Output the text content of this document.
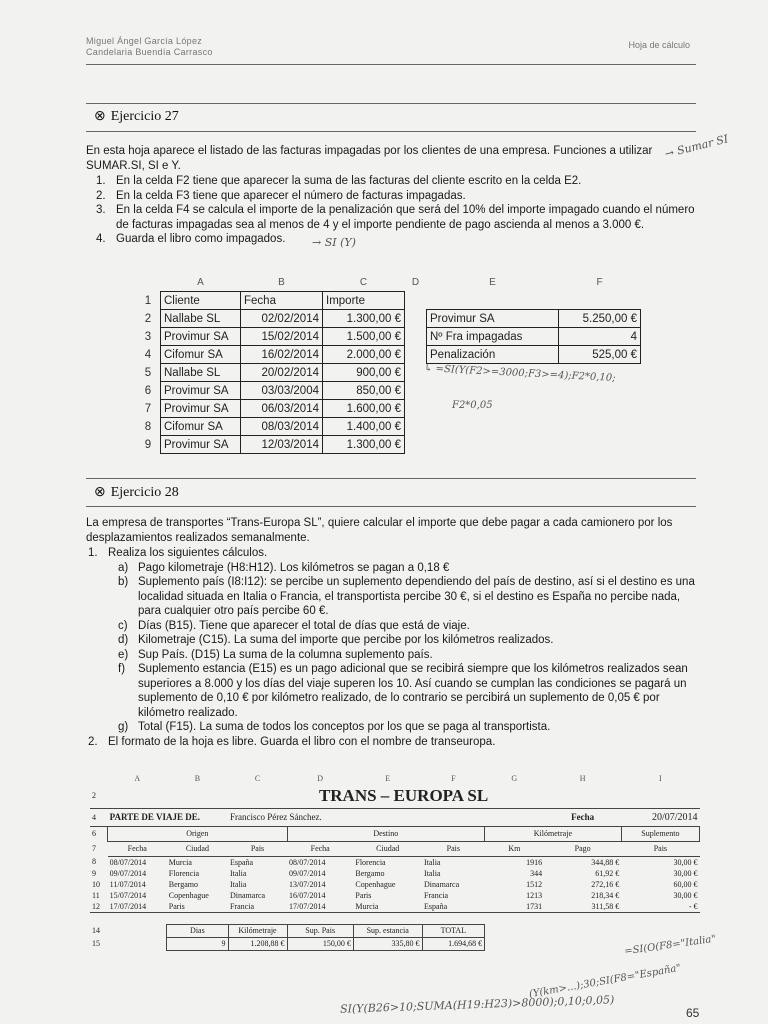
Miguel Ángel García López
Candelaria Buendía Carrasco
Hoja de cálculo
⊗ Ejercicio 27
En esta hoja aparece el listado de las facturas impagadas por los clientes de una empresa. Funciones a utilizar SUMAR.SI, SI e Y.
1. En la celda F2 tiene que aparecer la suma de las facturas del cliente escrito en la celda E2.
2. En la celda F3 tiene que aparecer el número de facturas impagadas.
3. En la celda F4 se calcula el importe de la penalización que será del 10% del importe impagado cuando el número de facturas impagadas sea al menos de 4 y el importe pendiente de pago ascienda al menos a 3.000 €.
4. Guarda el libro como impagados.
→ Sumar SI
→ SI (Y)
	A	B	C	D	E	F
1	Cliente	Fecha	Importe			
2	Nallabe SL	02/02/2014	1.300,00 €		Provimur SA	5.250,00 €
3	Provimur SA	15/02/2014	1.500,00 €		Nº Fra impagadas	4
4	Cifomur SA	16/02/2014	2.000,00 €		Penalización	525,00 €
5	Nallabe SL	20/02/2014	900,00 €			
6	Provimur SA	03/03/2004	850,00 €			
7	Provimur SA	06/03/2014	1.600,00 €			
8	Cifomur SA	08/03/2014	1.400,00 €			
9	Provimur SA	12/03/2014	1.300,00 €			
↳ =SI(Y(F2>=3000;F3>=4);F2*0,10;
F2*0,05
⊗ Ejercicio 28
La empresa de transportes “Trans-Europa SL”, quiere calcular el importe que debe pagar a cada camionero por los desplazamientos realizados semanalmente.
1. Realiza los siguientes cálculos.
a) Pago kilometraje (H8:H12). Los kilómetros se pagan a 0,18 €
b) Suplemento país (I8:I12): se percibe un suplemento dependiendo del país de destino, así si el destino es una localidad situada en Italia o Francia, el transportista percibe 30 €, si el destino es España no percibe nada, para cualquier otro país percibe 60 €.
c) Días (B15). Tiene que aparecer el total de días que está de viaje.
d) Kilometraje (C15). La suma del importe que percibe por los kilómetros realizados.
e) Sup País. (D15) La suma de la columna suplemento país.
f) Suplemento estancia (E15) es un pago adicional que se recibirá siempre que los kilómetros realizados sean superiores a 8.000 y los días del viaje superen los 10. Así cuando se cumplan las condiciones se pagará un suplemento de 0,10 € por kilómetro realizado, de lo contrario se percibirá un suplemento de 0,05 € por kilómetro realizado.
g) Total (F15). La suma de todos los conceptos por los que se paga al transportista.
2. El formato de la hoja es libre. Guarda el libro con el nombre de transeuropa.
	A	B	C	D	E	F	G	H	I
2	TRANS – EUROPA SL								
4	PARTE DE VIAJE DE.		Francisco Pérez Sánchez.					Fecha	20/07/2014
6	Origen			Destino			Kilómetraje		Suplemento
7	Fecha	Ciudad	Pais	Fecha	Ciudad	Pais	Km	Pago	Pais
8	08/07/2014	Murcia	España	08/07/2014	Florencia	Italia	1916	344,88 €	30,00 €
9	09/07/2014	Florencia	Italia	09/07/2014	Bergamo	Italia	344	61,92 €	30,00 €
10	11/07/2014	Bergamo	Italia	13/07/2014	Copenhague	Dinamarca	1512	272,16 €	60,00 €
11	15/07/2014	Copenhague	Dinamarca	16/07/2014	Paris	Francia	1213	218,34 €	30,00 €
12	17/07/2014	Paris	Francia	17/07/2014	Murcia	España	1731	311,58 €	- €

14		Dias	Kilómetraje	Sup. Pais	Sup. estancia	TOTAL			
15		9	1.208,88 €	150,00 €	335,80 €	1.694,68 €				=SI(O(F8="Italia"
(Y(km>...);30;SI(F8="España"
SI(Y(B26>10;SUMA(H19:H23)>8000);0,10;0,05)	65
